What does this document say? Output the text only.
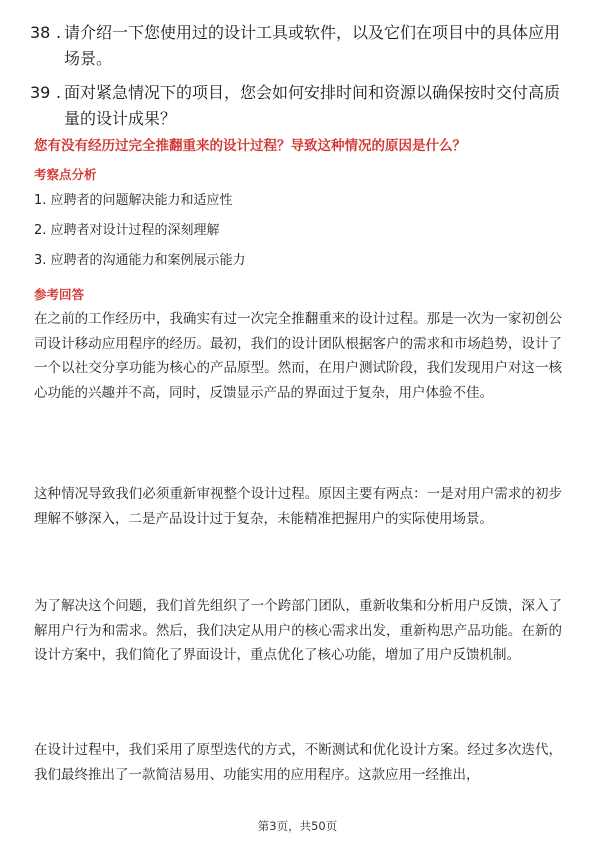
38 . 请介绍一下您使用过的设计工具或软件，以及它们在项目中的具体应用场景。
39 . 面对紧急情况下的项目，您会如何安排时间和资源以确保按时交付高质量的设计成果？
您有没有经历过完全推翻重来的设计过程？导致这种情况的原因是什么？
考察点分析
1. 应聘者的问题解决能力和适应性
2. 应聘者对设计过程的深刻理解
3. 应聘者的沟通能力和案例展示能力
参考回答
在之前的工作经历中，我确实有过一次完全推翻重来的设计过程。那是一次为一家初创公司设计移动应用程序的经历。最初，我们的设计团队根据客户的需求和市场趋势，设计了一个以社交分享功能为核心的产品原型。然而，在用户测试阶段，我们发现用户对这一核心功能的兴趣并不高，同时，反馈显示产品的界面过于复杂，用户体验不佳。
这种情况导致我们必须重新审视整个设计过程。原因主要有两点：一是对用户需求的初步理解不够深入，二是产品设计过于复杂，未能精准把握用户的实际使用场景。
为了解决这个问题，我们首先组织了一个跨部门团队，重新收集和分析用户反馈，深入了解用户行为和需求。然后，我们决定从用户的核心需求出发，重新构思产品功能。在新的设计方案中，我们简化了界面设计，重点优化了核心功能，增加了用户反馈机制。
在设计过程中，我们采用了原型迭代的方式，不断测试和优化设计方案。经过多次迭代，我们最终推出了一款简洁易用、功能实用的应用程序。这款应用一经推出，
第3页，共50页
